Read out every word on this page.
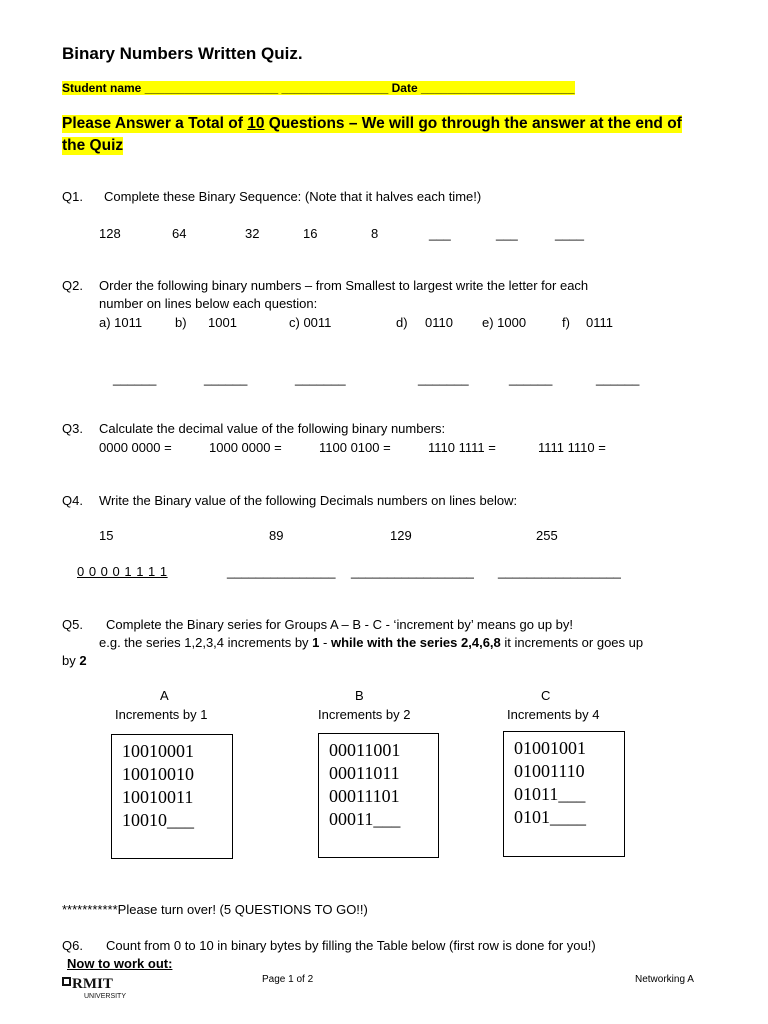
Binary Numbers Written Quiz.
Student name ____________________ ________________ Date _______________________
Please Answer a Total of 10 Questions – We will go through the answer at the end of
the Quiz
Q1. Complete these Binary Sequence: (Note that it halves each time!)
128	64	32	16	8	___	___	____
Q2. Order the following binary numbers – from Smallest to largest write the letter for each
number on lines below each question:
a) 1011	b) 1001	c) 0011	d) 0110 e) 1000	f) 0111
______	______	_______	_______	______	______
Q3. Calculate the decimal value of the following binary numbers:
0000 0000 =	1000 0000 =	1100 0100 =	1110 1111 =	1111 1110 =
Q4. Write the Binary value of the following Decimals numbers on lines below:
15	89	129	255
0 0 0 0 1 1 1 1	_______________ _________________ _________________
Q5. Complete the Binary series for Groups A – B - C - ‘increment by’ means go up by!
e.g. the series 1,2,3,4 increments by 1 - while with the series 2,4,6,8 it increments or goes up
by 2
A
Increments by 1
10010001
10010010
10010011
10010___
B
Increments by 2
00011001
00011011
00011101
00011___
C
Increments by 4
01001001
01001110
01011___
0101____
***********Please turn over! (5 QUESTIONS TO GO!!)
Q6. Count from 0 to 10 in binary bytes by filling the Table below (first row is done for you!)
Now to work out:
RMIT
UNIVERSITY
Page 1 of 2	Networking A
